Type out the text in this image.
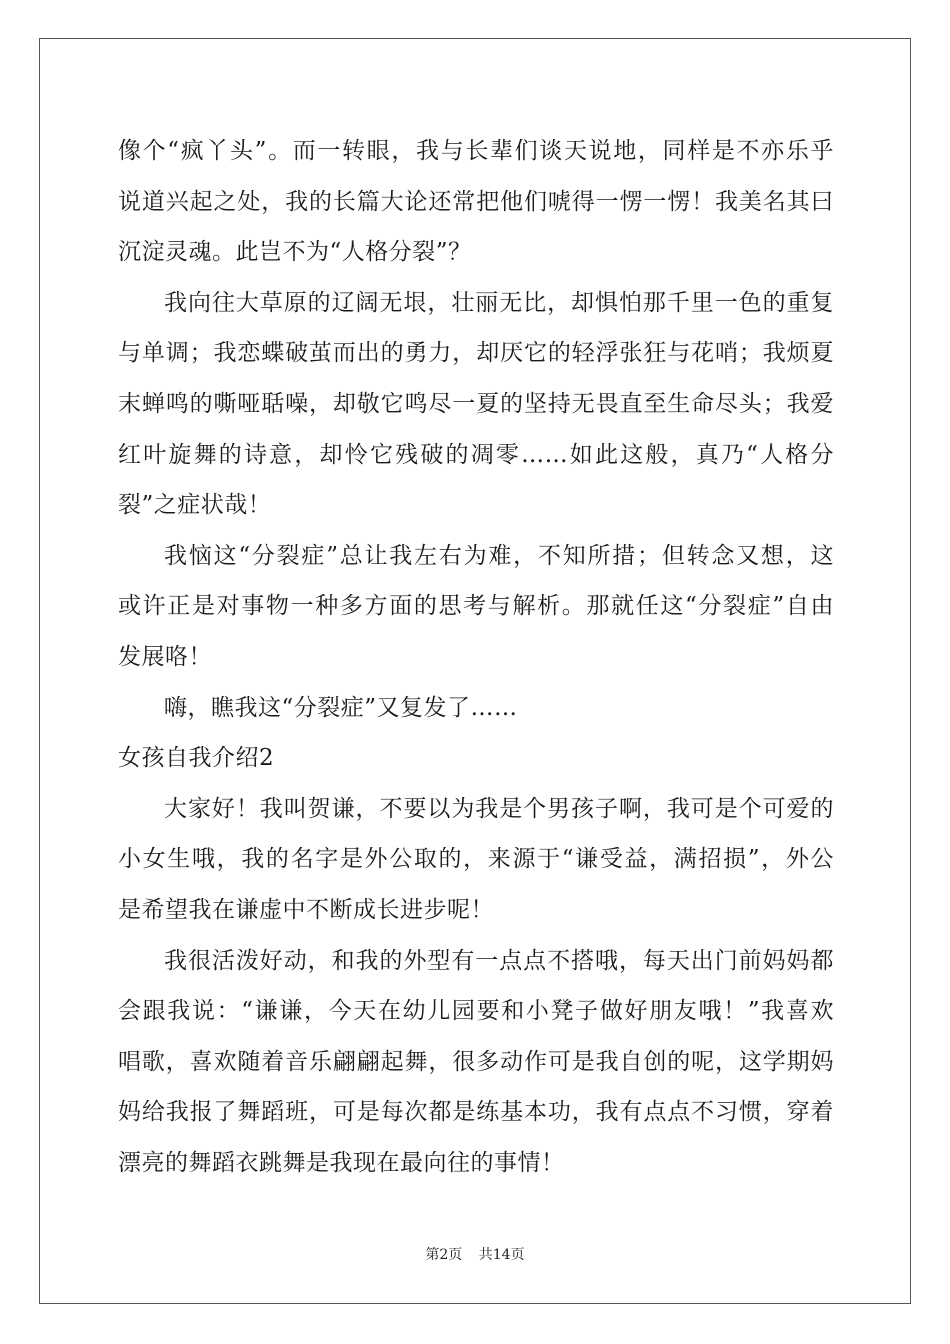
像个“疯丫头”。而一转眼，我与长辈们谈天说地，同样是不亦乐乎
说道兴起之处，我的长篇大论还常把他们唬得一愣一愣！我美名其曰
沉淀灵魂。此岂不为“人格分裂”？
我向往大草原的辽阔无垠，壮丽无比，却惧怕那千里一色的重复
与单调；我恋蝶破茧而出的勇力，却厌它的轻浮张狂与花哨；我烦夏
末蝉鸣的嘶哑聒噪，却敬它鸣尽一夏的坚持无畏直至生命尽头；我爱
红叶旋舞的诗意，却怜它残破的凋零……如此这般，真乃“人格分
裂”之症状哉！
我恼这“分裂症”总让我左右为难，不知所措；但转念又想，这
或许正是对事物一种多方面的思考与解析。那就任这“分裂症”自由
发展咯！
嗨，瞧我这“分裂症”又复发了……
女孩自我介绍2
大家好！我叫贺谦，不要以为我是个男孩子啊，我可是个可爱的
小女生哦，我的名字是外公取的，来源于“谦受益，满招损”，外公
是希望我在谦虚中不断成长进步呢！
我很活泼好动，和我的外型有一点点不搭哦，每天出门前妈妈都
会跟我说：“谦谦，今天在幼儿园要和小凳子做好朋友哦！”我喜欢
唱歌，喜欢随着音乐翩翩起舞，很多动作可是我自创的呢，这学期妈
妈给我报了舞蹈班，可是每次都是练基本功，我有点点不习惯，穿着
漂亮的舞蹈衣跳舞是我现在最向往的事情！
第2页 共14页
